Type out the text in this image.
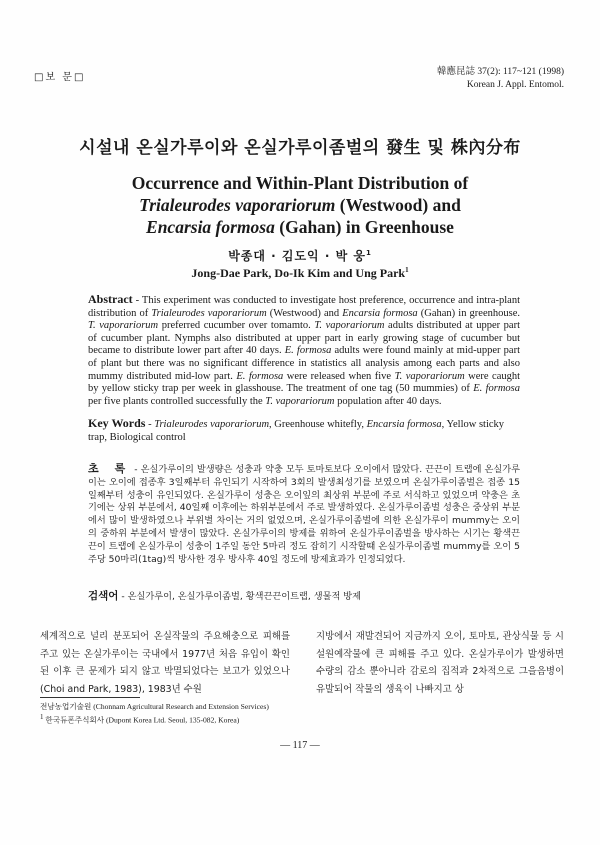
□보 문□	韓應昆誌 37(2): 117~121 (1998)
Korean J. Appl. Entomol.
시설내 온실가루이와 온실가루이좀벌의 發生 및 株內分布
Occurrence and Within-Plant Distribution of
Trialeurodes vaporariorum (Westwood) and
Encarsia formosa (Gahan) in Greenhouse
박종대 · 김도익 · 박 웅$^1$
Jong-Dae Park, Do-Ik Kim and Ung Park$^1$
Abstract - This experiment was conducted to investigate host preference, occurrence and intra-plant distribution of Trialeurodes vaporariorum (Westwood) and Encarsia formosa (Gahan) in greenhouse. T. vaporariorum preferred cucumber over tomamto. T. vaporariorum adults distributed at upper part of cucumber plant. Nymphs also distributed at upper part in early growing stage of cucumber but became to distribute lower part after 40 days. E. formosa adults were found mainly at mid-upper part of plant but there was no significant difference in statistics all analysis among each parts and also mummy distributed mid-low part. E. formosa were released when five T. vaporariorum were caught by yellow sticky trap per week in glasshouse. The treatment of one tag (50 mummies) of E. formosa per five plants controlled successfully the T. vaporariorum population after 40 days.
Key Words - Trialeurodes vaporariorum, Greenhouse whitefly, Encarsia formosa, Yellow sticky trap, Biological control
초 록 - 온실가루이의 발생량은 성충과 약충 모두 토마토보다 오이에서 많았다. 끈끈이 트랩에 온실가루이는 오이에 접종후 3일째부터 유인되기 시작하여 3회의 발생최성기를 보였으며 온실가루이좀벌은 접종 15일째부터 성충이 유인되었다. 온실가루이 성충은 오이잎의 최상위 부분에 주로 서식하고 있었으며 약충은 초기에는 상위 부분에서, 40일째 이후에는 하위부분에서 주로 발생하였다. 온실가루이좀벌 성충은 중상위 부분에서 많이 발생하였으나 부위별 차이는 거의 없었으며, 온실가루이좀벌에 의한 온실가루이 mummy는 오이의 중하위 부분에서 발생이 많았다. 온실가루이의 방제를 위하여 온실가루이좀벌을 방사하는 시기는 황색끈끈이 트랩에 온실가루이 성충이 1주일 동안 5마리 정도 잡히기 시작할때 온실가루이좀벌 mummy를 오이 5주당 50마리(1tag)씩 방사한 경우 방사후 40일 정도에 방제효과가 인정되었다.
검색어 - 온실가루이, 온실가루이좀벌, 황색끈끈이트랩, 생물적 방제
세계적으로 널리 분포되어 온실작물의 주요해충으로 피해를 주고 있는 온실가루이는 국내에서 1977년 처음 유입이 확인된 이후 큰 문제가 되지 않고 박멸되었다는 보고가 있었으나(Choi and Park, 1983), 1983년 수원
지방에서 재발견되어 지금까지 오이, 토마토, 관상식물 등 시설원예작물에 큰 피해를 주고 있다. 온실가루이가 발생하면 수량의 감소 뿐아니라 감로의 집적과 2차적으로 그을음병이 유발되어 작물의 생육이 나빠지고 상
전남농업기술원 (Chonnam Agricultural Research and Extension Services)
$^1$ 한국듀폰주식회사 (Dupont Korea Ltd. Seoul, 135-082, Korea)
— 117 —
